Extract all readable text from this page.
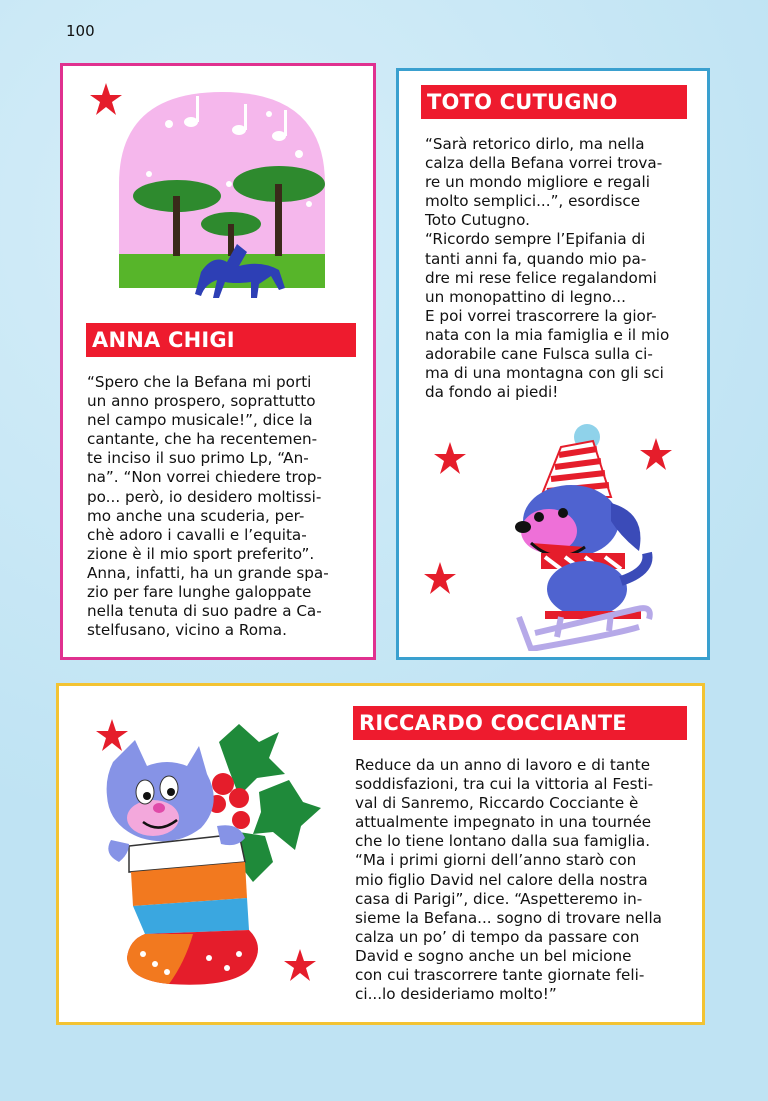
100
ANNA CHIGI

“Spero che la Befana mi porti
un anno prospero, soprattutto
nel campo musicale!”, dice la
cantante, che ha recentemen-
te inciso il suo primo Lp, “An-
na”. “Non vorrei chiedere trop-
po... però, io desidero moltissi-
mo anche una scuderia, per-
chè adoro i cavalli e l’equita-
zione è il mio sport preferito”.
Anna, infatti, ha un grande spa-
zio per fare lunghe galoppate
nella tenuta di suo padre a Ca-
stelfusano, vicino a Roma.

TOTO CUTUGNO

“Sarà retorico dirlo, ma nella
calza della Befana vorrei trova-
re un mondo migliore e regali
molto semplici...”, esordisce
Toto Cutugno.
“Ricordo sempre l’Epifania di
tanti anni fa, quando mio pa-
dre mi rese felice regalandomi
un monopattino di legno...
E poi vorrei trascorrere la gior-
nata con la mia famiglia e il mio
adorabile cane Fulsca sulla ci-
ma di una montagna con gli sci
da fondo ai piedi!

RICCARDO COCCIANTE

Reduce da un anno di lavoro e di tante
soddisfazioni, tra cui la vittoria al Festi-
val di Sanremo, Riccardo Cocciante è
attualmente impegnato in una tournée
che lo tiene lontano dalla sua famiglia.
“Ma i primi giorni dell’anno starò con
mio figlio David nel calore della nostra
casa di Parigi”, dice. “Aspetteremo in-
sieme la Befana... sogno di trovare nella
calza un po’ di tempo da passare con
David e sogno anche un bel micione
con cui trascorrere tante giornate feli-
ci...lo desideriamo molto!”
